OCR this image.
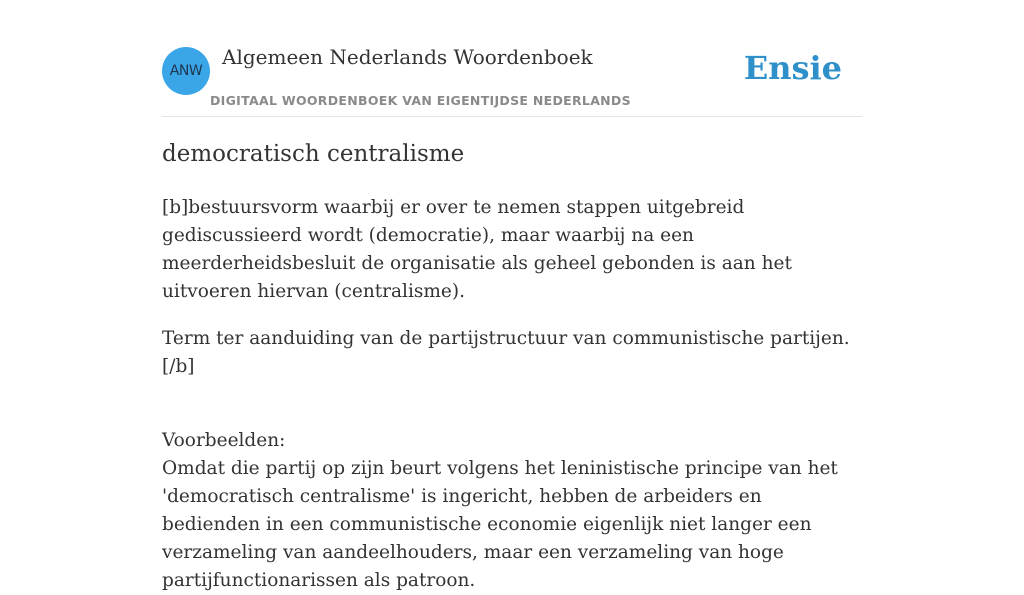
ANW
Algemeen Nederlands Woordenboek
DIGITAAL WOORDENBOEK VAN EIGENTIJDSE NEDERLANDS
Ensie
democratisch centralisme

[b]bestuursvorm waarbij er over te nemen stappen uitgebreid gediscussieerd wordt (democratie), maar waarbij na een meerderheidsbesluit de organisatie als geheel gebonden is aan het uitvoeren hiervan (centralisme).

Term ter aanduiding van de partijstructuur van communistische partijen.[/b]

Voorbeelden:

Omdat die partij op zijn beurt volgens het leninistische principe van het 'democratisch centralisme' is ingericht, hebben de arbeiders en bedienden in een communistische economie eigenlijk niet langer een verzameling van aandeelhouders, maar een verzameling van hoge partijfunctionarissen als patroon.
